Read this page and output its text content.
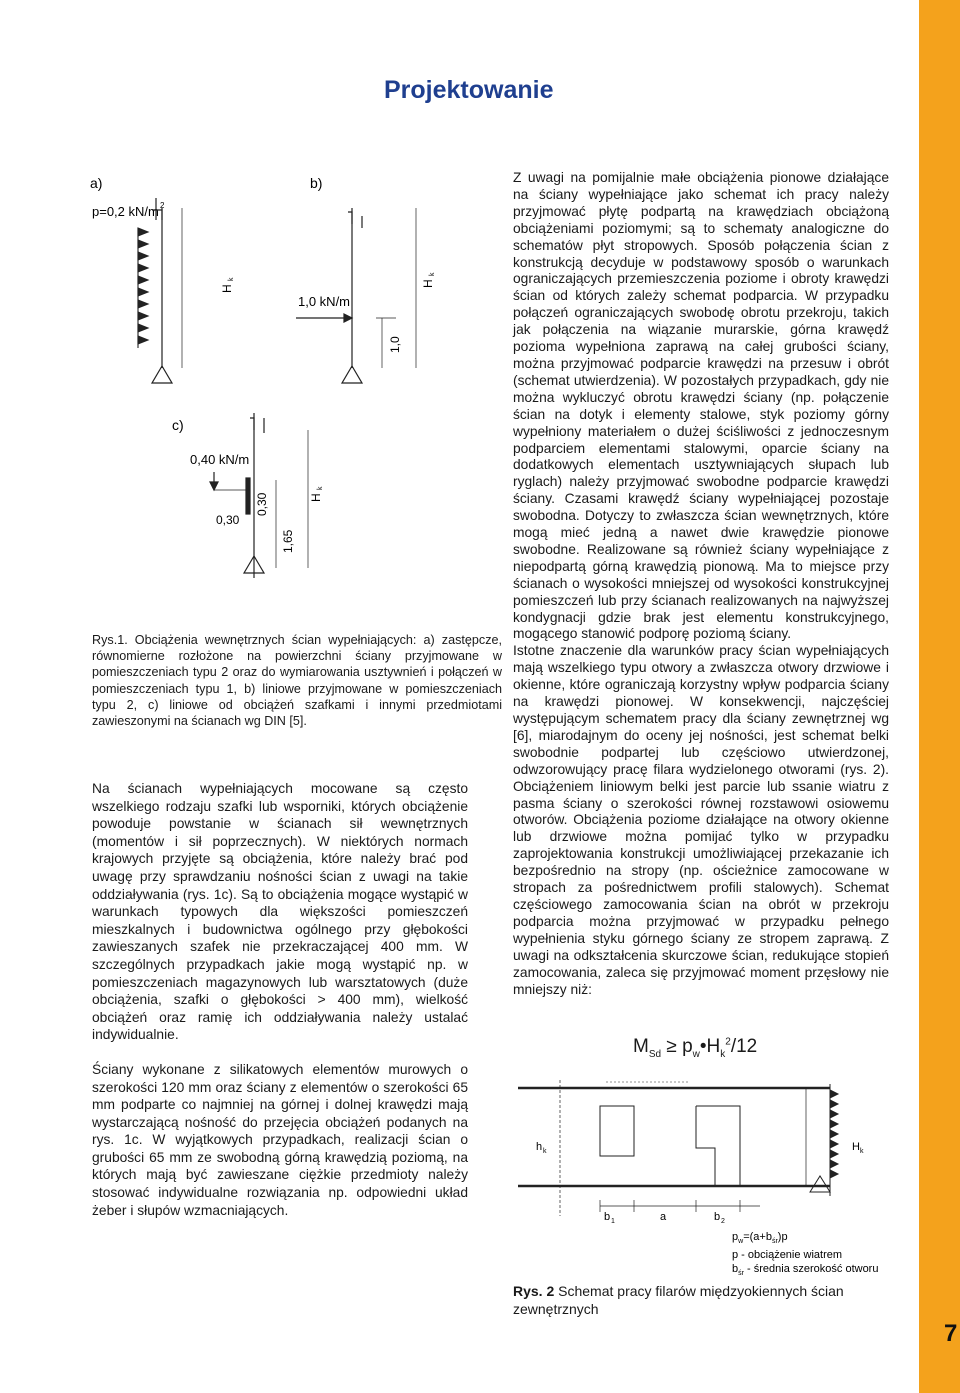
Projektowanie
7
a)
p=0,2 kN/m 2
H
k
b)
1,0 kN/m
1,0
H
k
c)
0,40 kN/m
0,30
0,30
1,65
H
k

Rys.1. Obciążenia wewnętrznych ścian wypełniających: a) zastępcze, równomierne rozłożone na powierzchni ściany przyjmowane w pomieszczeniach typu 2 oraz do wymiarowania usztywnień i połączeń w pomieszczeniach typu 1, b) liniowe przyjmowane w pomieszczeniach typu 2, c) liniowe od obciążeń szafkami i innymi przedmiotami zawieszonymi na ścianach wg DIN [5].

Na ścianach wypełniających mocowane są często wszelkiego rodzaju szafki lub wsporniki, których obciążenie powoduje powstanie w ścianach sił wewnętrznych (momentów i sił poprzecznych). W niektórych normach krajowych przyjęte są obciążenia, które należy brać pod uwagę przy sprawdzaniu nośności ścian z uwagi na takie oddziaływania (rys. 1c). Są to obciążenia mogące wystąpić w warunkach typowych dla większości pomieszczeń mieszkalnych i budownictwa ogólnego przy głębokości zawieszanych szafek nie przekraczającej 400 mm. W szczególnych przypadkach jakie mogą wystąpić np. w pomieszczeniach magazynowych lub warsztatowych (duże obciążenia, szafki o głębokości > 400 mm), wielkość obciążeń oraz ramię ich oddziaływania należy ustalać indywidualnie.

Ściany wykonane z silikatowych elementów murowych o szerokości 120 mm oraz ściany z elementów o szerokości 65 mm podparte co najmniej na górnej i dolnej krawędzi mają wystarczającą nośność do przejęcia obciążeń podanych na rys. 1c. W wyjątkowych przypadkach, realizacji ścian o grubości 65 mm ze swobodną górną krawędzią poziomą, na których mają być zawieszane ciężkie przedmioty należy stosować indywidualne rozwiązania np. odpowiedni układ żeber i słupów wzmacniających.

Z uwagi na pomijalnie małe obciążenia pionowe działające na ściany wypełniające jako schemat ich pracy należy przyjmować płytę podpartą na krawędziach obciążoną obciążeniami poziomymi; są to schematy analogiczne do schematów płyt stropowych. Sposób połączenia ścian z konstrukcją decyduje w podstawowy sposób o warunkach ograniczających przemieszczenia poziome i obroty krawędzi ścian od których zależy schemat podparcia. W przypadku połączeń ograniczających swobodę obrotu przekroju, takich jak połączenia na wiązanie murarskie, górna krawędź pozioma wypełniona zaprawą na całej grubości ściany, można przyjmować podparcie krawędzi na przesuw i obrót (schemat utwierdzenia). W pozostałych przypadkach, gdy nie można wykluczyć obrotu krawędzi ściany (np. połączenie ścian na dotyk i elementy stalowe, styk poziomy górny wypełniony materiałem o dużej ściśliwości z jednoczesnym podparciem elementami stalowymi, oparcie ściany na dodatkowych elementach usztywniających słupach lub ryglach) należy przyjmować swobodne podparcie krawędzi ściany. Czasami krawędź ściany wypełniającej pozostaje swobodna. Dotyczy to zwłaszcza ścian wewnętrznych, które mogą mieć jedną a nawet dwie krawędzie pionowe swobodne. Realizowane są również ściany wypełniające z niepodpartą górną krawędzią pionową. Ma to miejsce przy ścianach o wysokości mniejszej od wysokości konstrukcyjnej pomieszczeń lub przy ścianach realizowanych na najwyższej kondygnacji gdzie brak jest elementu konstrukcyjnego, mogącego stanowić podporę poziomą ściany.

Istotne znaczenie dla warunków pracy ścian wypełniających mają wszelkiego typu otwory a zwłaszcza otwory drzwiowe i okienne, które ograniczają korzystny wpływ podparcia ściany na krawędzi pionowej. W konsekwencji, najczęściej występującym schematem pracy dla ściany zewnętrznej wg [6], miarodajnym do oceny jej nośności, jest schemat belki swobodnie podpartej lub częściowo utwierdzonej, odwzorowujący pracę filara wydzielonego otworami (rys. 2). Obciążeniem liniowym belki jest parcie lub ssanie wiatru z pasma ściany o szerokości równej rozstawowi osiowemu otworów. Obciążenia poziome działające na otwory okienne lub drzwiowe można pomijać tylko w przypadku zaprojektowania konstrukcji umożliwiającej przekazanie ich bezpośrednio na stropy (np. ościeżnice zamocowane w stropach za pośrednictwem profili stalowych). Schemat częściowego zamocowania ścian na obrót w przekroju podparcia można przyjmować w przypadku pełnego wypełnienia styku górnego ściany ze stropem zaprawą. Z uwagi na odkształcenia skurczowe ścian, redukujące stopień zamocowania, zaleca się przyjmować moment przęsłowy nie mniejszy niż:

$M_{Sd}$ ≥ $p_w•H_k^2/12$
h k	H k
b 1	a	b 2
$p_w=(a+b_{śr})p$
p - obciążenie wiatrem
$b_{śr}$ - średnia szerokość otworu
Rys. 2 Schemat pracy filarów międzyokiennych ścian zewnętrznych
